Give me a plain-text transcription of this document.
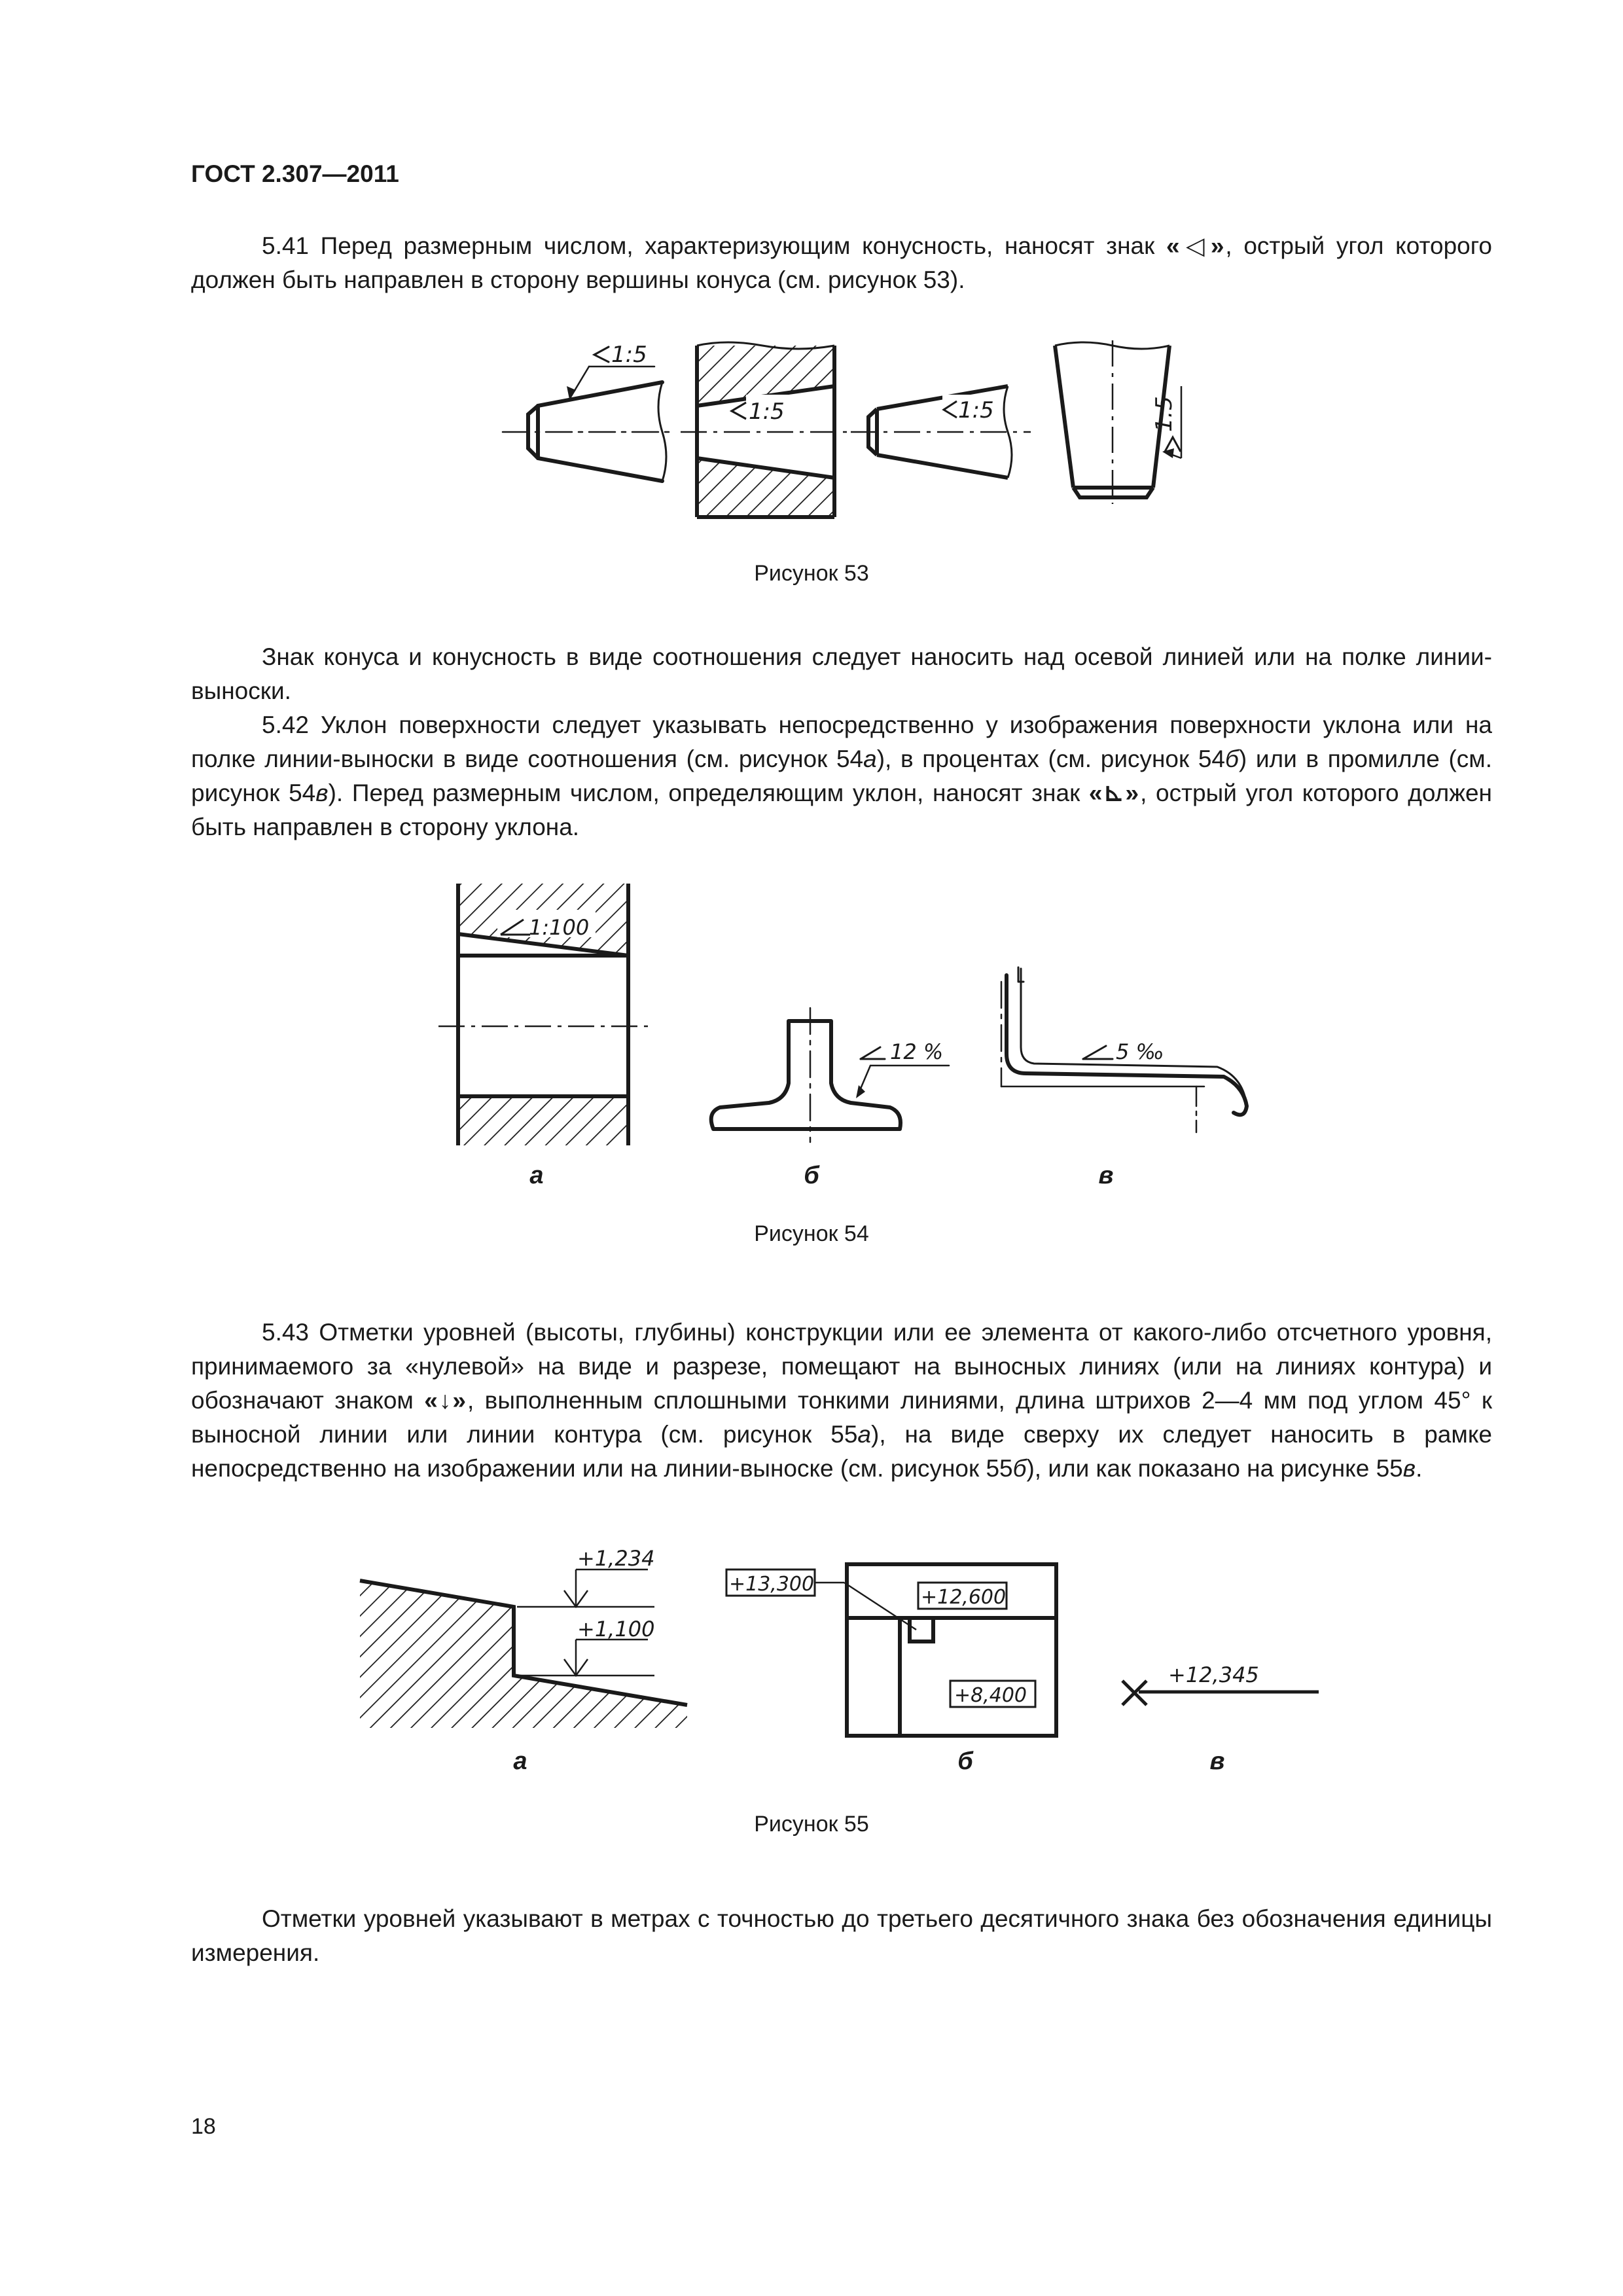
ГОСТ 2.307—2011

5.41 Перед размерным числом, характеризующим конусность, наносят знак «◁», острый угол которого должен быть направлен в сторону вершины конуса (см. рисунок 53).

1:5
1:5	1:5	1:5

Рисунок 53

Знак конуса и конусность в виде соотношения следует наносить над осевой линией или на полке линии-выноски.

5.42 Уклон поверхности следует указывать непосредственно у изображения поверхности уклона или на полке линии-выноски в виде соотношения (см. рисунок 54а), в процентах (см. рисунок 54б) или в промилле (см. рисунок 54в). Перед размерным числом, определяющим уклон, наносят знак «⊾», острый угол которого должен быть направлен в сторону уклона.

1:100
12 %	5 ‰

а	б	в

Рисунок 54

5.43 Отметки уровней (высоты, глубины) конструкции или ее элемента от какого-либо отсчетного уровня, принимаемого за «нулевой» на виде и разрезе, помещают на выносных линиях (или на линиях контура) и обозначают знаком «↓», выполненным сплошными тонкими линиями, длина штрихов 2—4 мм под углом 45° к выносной линии или линии контура (см. рисунок 55а), на виде сверху их следует наносить в рамке непосредственно на изображении или на линии-выноске (см. рисунок 55б), или как показано на рисунке 55в.

+1,234
+1,100
+13,300
+12,600
+8,400
+12,345

а	б	в

Рисунок 55

Отметки уровней указывают в метрах с точностью до третьего десятичного знака без обозначения единицы измерения.

18
